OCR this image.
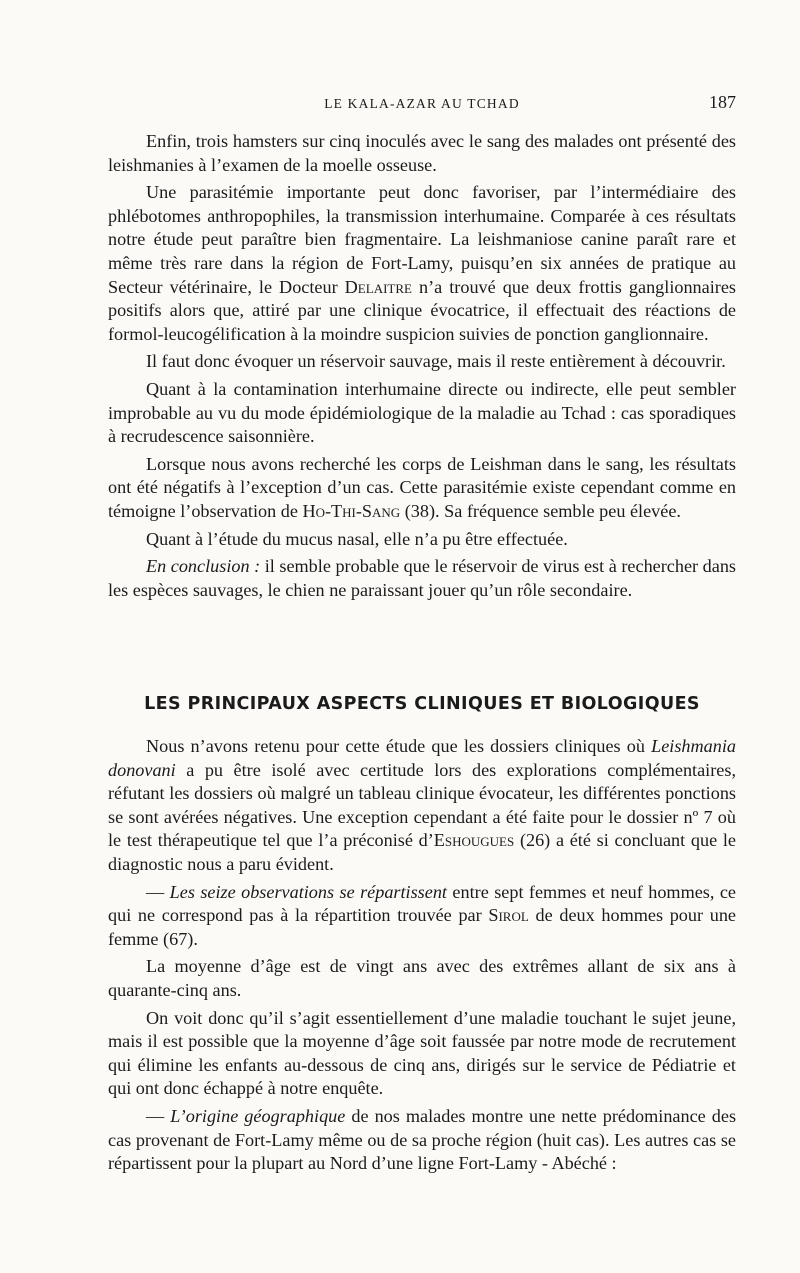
LE KALA-AZAR AU TCHAD	187

Enfin, trois hamsters sur cinq inoculés avec le sang des malades ont présenté des leishmanies à l’examen de la moelle osseuse.

Une parasitémie importante peut donc favoriser, par l’intermédiaire des phlébotomes anthropophiles, la transmission interhumaine. Comparée à ces résultats notre étude peut paraître bien fragmentaire. La leishmaniose canine paraît rare et même très rare dans la région de Fort-Lamy, puisqu’en six années de pratique au Secteur vétérinaire, le Docteur Delaitre n’a trouvé que deux frottis ganglionnaires positifs alors que, attiré par une clinique évocatrice, il effectuait des réactions de formol-leucogélification à la moindre suspicion suivies de ponction ganglionnaire.

Il faut donc évoquer un réservoir sauvage, mais il reste entièrement à découvrir.

Quant à la contamination interhumaine directe ou indirecte, elle peut sembler improbable au vu du mode épidémiologique de la maladie au Tchad : cas sporadiques à recrudescence saisonnière.

Lorsque nous avons recherché les corps de Leishman dans le sang, les résultats ont été négatifs à l’exception d’un cas. Cette parasitémie existe cependant comme en témoigne l’observation de Ho-Thi-Sang (38). Sa fréquence semble peu élevée.

Quant à l’étude du mucus nasal, elle n’a pu être effectuée.

En conclusion : il semble probable que le réservoir de virus est à rechercher dans les espèces sauvages, le chien ne paraissant jouer qu’un rôle secondaire.

LES PRINCIPAUX ASPECTS CLINIQUES ET BIOLOGIQUES

Nous n’avons retenu pour cette étude que les dossiers cliniques où Leishmania donovani a pu être isolé avec certitude lors des explorations complémentaires, réfutant les dossiers où malgré un tableau clinique évocateur, les différentes ponctions se sont avérées négatives. Une exception cependant a été faite pour le dossier nº 7 où le test thérapeutique tel que l’a préconisé d’Eshougues (26) a été si concluant que le diagnostic nous a paru évident.

— Les seize observations se répartissent entre sept femmes et neuf hommes, ce qui ne correspond pas à la répartition trouvée par Sirol de deux hommes pour une femme (67).

La moyenne d’âge est de vingt ans avec des extrêmes allant de six ans à quarante-cinq ans.

On voit donc qu’il s’agit essentiellement d’une maladie touchant le sujet jeune, mais il est possible que la moyenne d’âge soit faussée par notre mode de recrutement qui élimine les enfants au-dessous de cinq ans, dirigés sur le service de Pédiatrie et qui ont donc échappé à notre enquête.

— L’origine géographique de nos malades montre une nette prédominance des cas provenant de Fort-Lamy même ou de sa proche région (huit cas). Les autres cas se répartissent pour la plupart au Nord d’une ligne Fort-Lamy - Abéché :
